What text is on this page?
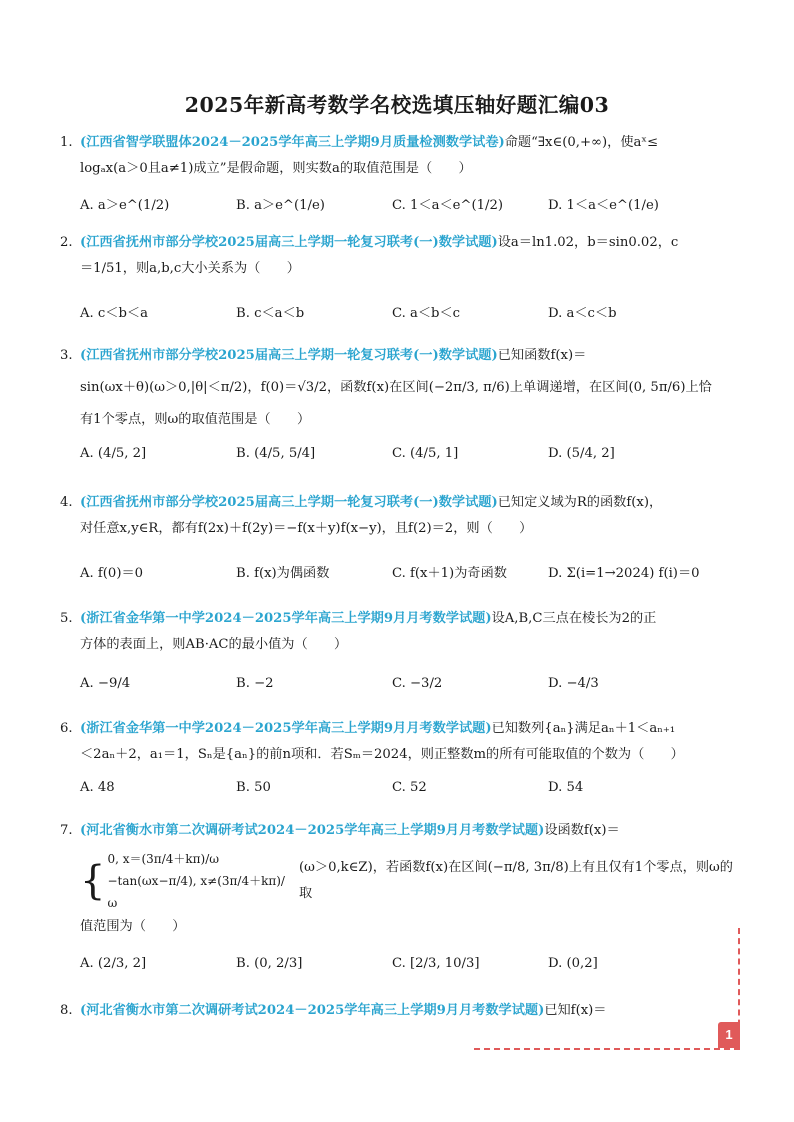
2025年新高考数学名校选填压轴好题汇编03
1. (江西省智学联盟体2024－2025学年高三上学期9月质量检测数学试卷)命题“∃x∈(0,+∞)，使aˣ≤
logₐx(a＞0且a≠1)成立”是假命题，则实数a的取值范围是（　　）
A. a＞e^(1/2)	B. a＞e^(1/e)	C. 1＜a＜e^(1/2)	D. 1＜a＜e^(1/e)
2. (江西省抚州市部分学校2025届高三上学期一轮复习联考(一)数学试题)设a＝ln1.02，b＝sin0.02，c
＝1/51，则a,b,c大小关系为（　　）
A. c＜b＜a	B. c＜a＜b	C. a＜b＜c	D. a＜c＜b
3. (江西省抚州市部分学校2025届高三上学期一轮复习联考(一)数学试题)已知函数f(x)＝
sin(ωx＋θ)(ω＞0,|θ|＜π/2)，f(0)＝√3/2，函数f(x)在区间(−2π/3, π/6)上单调递增，在区间(0, 5π/6)上恰
有1个零点，则ω的取值范围是（　　）
A. (4/5, 2]	B. (4/5, 5/4]	C. (4/5, 1]	D. (5/4, 2]
4. (江西省抚州市部分学校2025届高三上学期一轮复习联考(一)数学试题)已知定义域为R的函数f(x)，
对任意x,y∈R，都有f(2x)＋f(2y)＝−f(x＋y)f(x−y)，且f(2)＝2，则（　　）
A. f(0)＝0	B. f(x)为偶函数	C. f(x＋1)为奇函数	D. Σ(i=1→2024) f(i)＝0
5. (浙江省金华第一中学2024－2025学年高三上学期9月月考数学试题)设A,B,C三点在棱长为2的正
方体的表面上，则AB·AC的最小值为（　　）
A. −9/4	B. −2	C. −3/2	D. −4/3
6. (浙江省金华第一中学2024－2025学年高三上学期9月月考数学试题)已知数列{aₙ}满足aₙ＋1＜aₙ₊₁
＜2aₙ＋2，a₁＝1，Sₙ是{aₙ}的前n项和．若Sₘ＝2024，则正整数m的所有可能取值的个数为（　　）
A. 48	B. 50	C. 52	D. 54
7. (河北省衡水市第二次调研考试2024－2025学年高三上学期9月月考数学试题)设函数f(x)＝
{ 0, x＝(3π/4＋kπ)/ω
−tan(ωx−π/4), x≠(3π/4＋kπ)/ω
(ω＞0,k∈Z)，若函数f(x)在区间(−π/8, 3π/8)上有且仅有1个零点，则ω的取
值范围为（　　）
A. (2/3, 2]	B. (0, 2/3]	C. [2/3, 10/3]	D. (0,2]
8. (河北省衡水市第二次调研考试2024－2025学年高三上学期9月月考数学试题)已知f(x)＝
1
